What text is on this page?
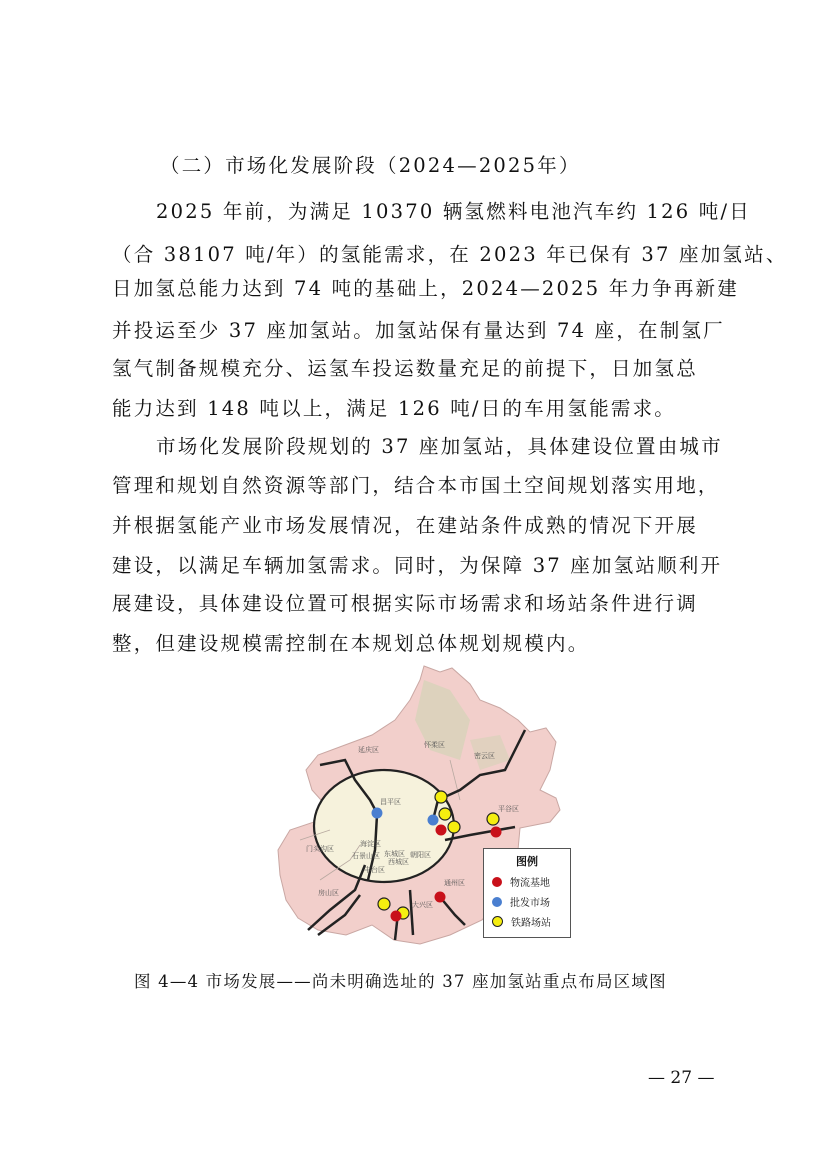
（二）市场化发展阶段（2024—2025年）
2025 年前，为满足 10370 辆氢燃料电池汽车约 126 吨/日
（合 38107 吨/年）的氢能需求，在 2023 年已保有 37 座加氢站、
日加氢总能力达到 74 吨的基础上，2024—2025 年力争再新建
并投运至少 37 座加氢站。加氢站保有量达到 74 座，在制氢厂
氢气制备规模充分、运氢车投运数量充足的前提下，日加氢总
能力达到 148 吨以上，满足 126 吨/日的车用氢能需求。
市场化发展阶段规划的 37 座加氢站，具体建设位置由城市
管理和规划自然资源等部门，结合本市国土空间规划落实用地，
并根据氢能产业市场发展情况，在建站条件成熟的情况下开展
建设，以满足车辆加氢需求。同时，为保障 37 座加氢站顺利开
展建设，具体建设位置可根据实际市场需求和场站条件进行调
整，但建设规模需控制在本规划总体规划规模内。
延庆区
怀柔区
密云区
昌平区
平谷区
门头沟区
海淀区
石景山区 东城区
西城区
朝阳区
丰台区
房山区
通州区
大兴区
图例
物流基地
批发市场
铁路场站
图 4—4 市场发展——尚未明确选址的 37 座加氢站重点布局区域图
— 27 —
